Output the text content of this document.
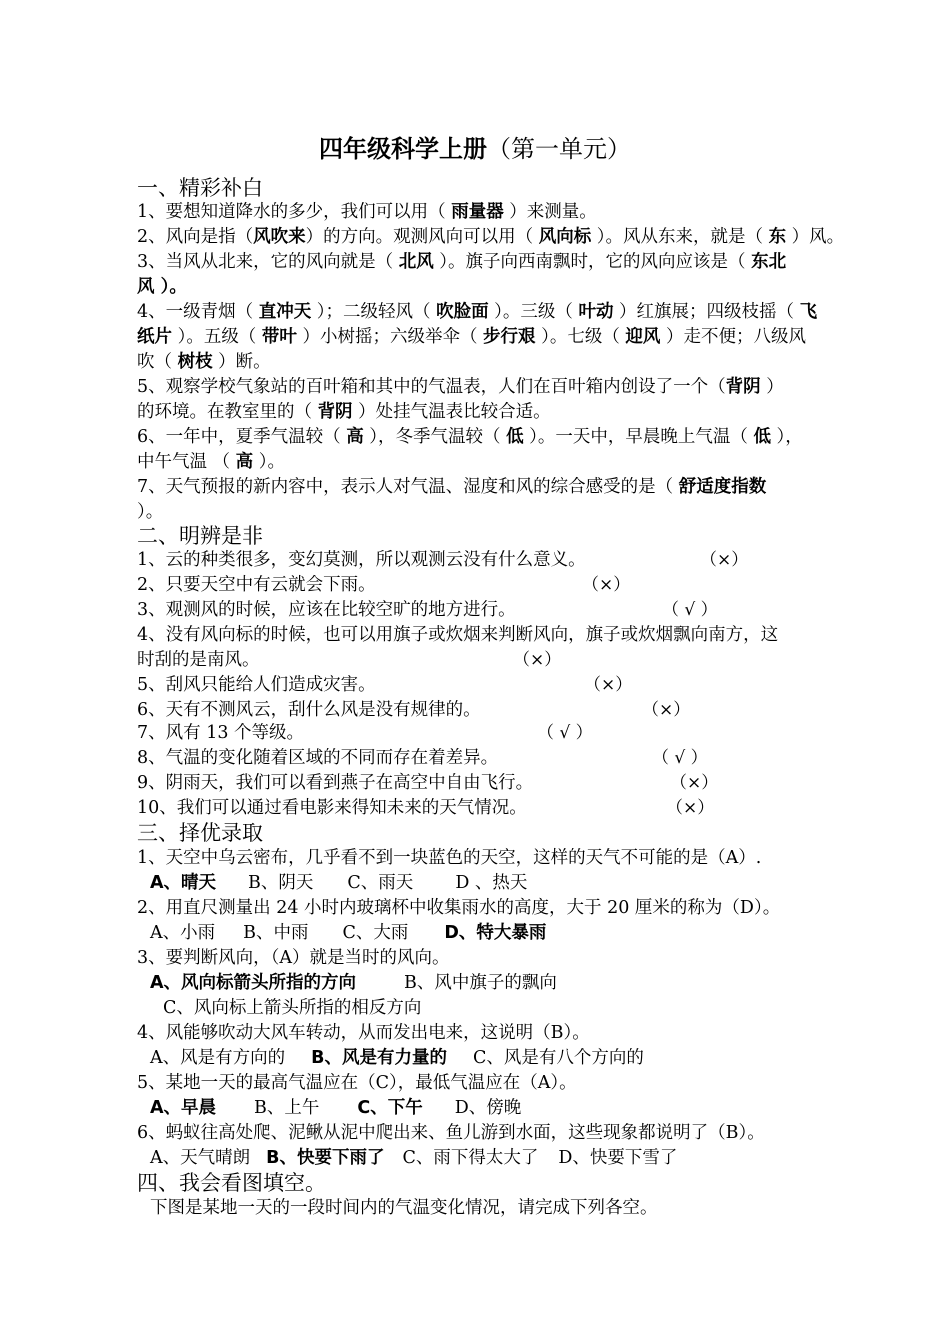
四年级科学上册（第一单元）
一、精彩补白
1、要想知道降水的多少，我们可以用（ 雨量器 ）来测量。
2、风向是指（风吹来）的方向。观测风向可以用（ 风向标 ）。风从东来，就是（ 东 ）风。
3、当风从北来，它的风向就是（ 北风 ）。旗子向西南飘时，它的风向应该是（ 东北
风 ）。
4、一级青烟（ 直冲天 ）；二级轻风（ 吹脸面 ）。三级（ 叶动 ）红旗展；四级枝摇（ 飞
纸片 ）。五级（ 带叶 ）小树摇；六级举伞（ 步行艰 ）。七级（ 迎风 ）走不便；八级风
吹（ 树枝 ）断。
5、观察学校气象站的百叶箱和其中的气温表，人们在百叶箱内创设了一个（背阴 ）
的环境。在教室里的（ 背阴 ）处挂气温表比较合适。
6、一年中，夏季气温较（ 高 ），冬季气温较（ 低 ）。一天中，早晨晚上气温（ 低 ），
中午气温 （ 高 ）。
7、天气预报的新内容中，表示人对气温、湿度和风的综合感受的是（ 舒适度指数
）。
二、明辨是非
1、云的种类很多，变幻莫测，所以观测云没有什么意义。	（×）
2、只要天空中有云就会下雨。	（×）
3、观测风的时候，应该在比较空旷的地方进行。	（ √ ）
4、没有风向标的时候，也可以用旗子或炊烟来判断风向，旗子或炊烟飘向南方，这
时刮的是南风。	（×）
5、刮风只能给人们造成灾害。	（×）
6、天有不测风云，刮什么风是没有规律的。	（×）
7、风有 13 个等级。	（ √ ）
8、气温的变化随着区域的不同而存在着差异。	（ √ ）
9、阴雨天，我们可以看到燕子在高空中自由飞行。	（×）
10、我们可以通过看电影来得知未来的天气情况。	（×）
三、择优录取
1、天空中乌云密布，几乎看不到一块蓝色的天空，这样的天气不可能的是（A）.
A、晴天 B、阴天 C、雨天 D 、热天
2、用直尺测量出 24 小时内玻璃杯中收集雨水的高度，大于 20 厘米的称为（D）。
A、小雨 B、中雨 C、大雨 D、特大暴雨
3、要判断风向，（A）就是当时的风向。
A、风向标箭头所指的方向	B、风中旗子的飘向
C、风向标上箭头所指的相反方向
4、风能够吹动大风车转动，从而发出电来，这说明（B）。
A、风是有方向的 B、风是有力量的 C、风是有八个方向的
5、某地一天的最高气温应在（C），最低气温应在（A）。
A、早晨 B、上午 C、下午 D、傍晚
6、蚂蚁往高处爬、泥鳅从泥中爬出来、鱼儿游到水面，这些现象都说明了（B）。
A、天气晴朗 B、快要下雨了 C、雨下得太大了 D、快要下雪了
四、我会看图填空。
下图是某地一天的一段时间内的气温变化情况，请完成下列各空。
